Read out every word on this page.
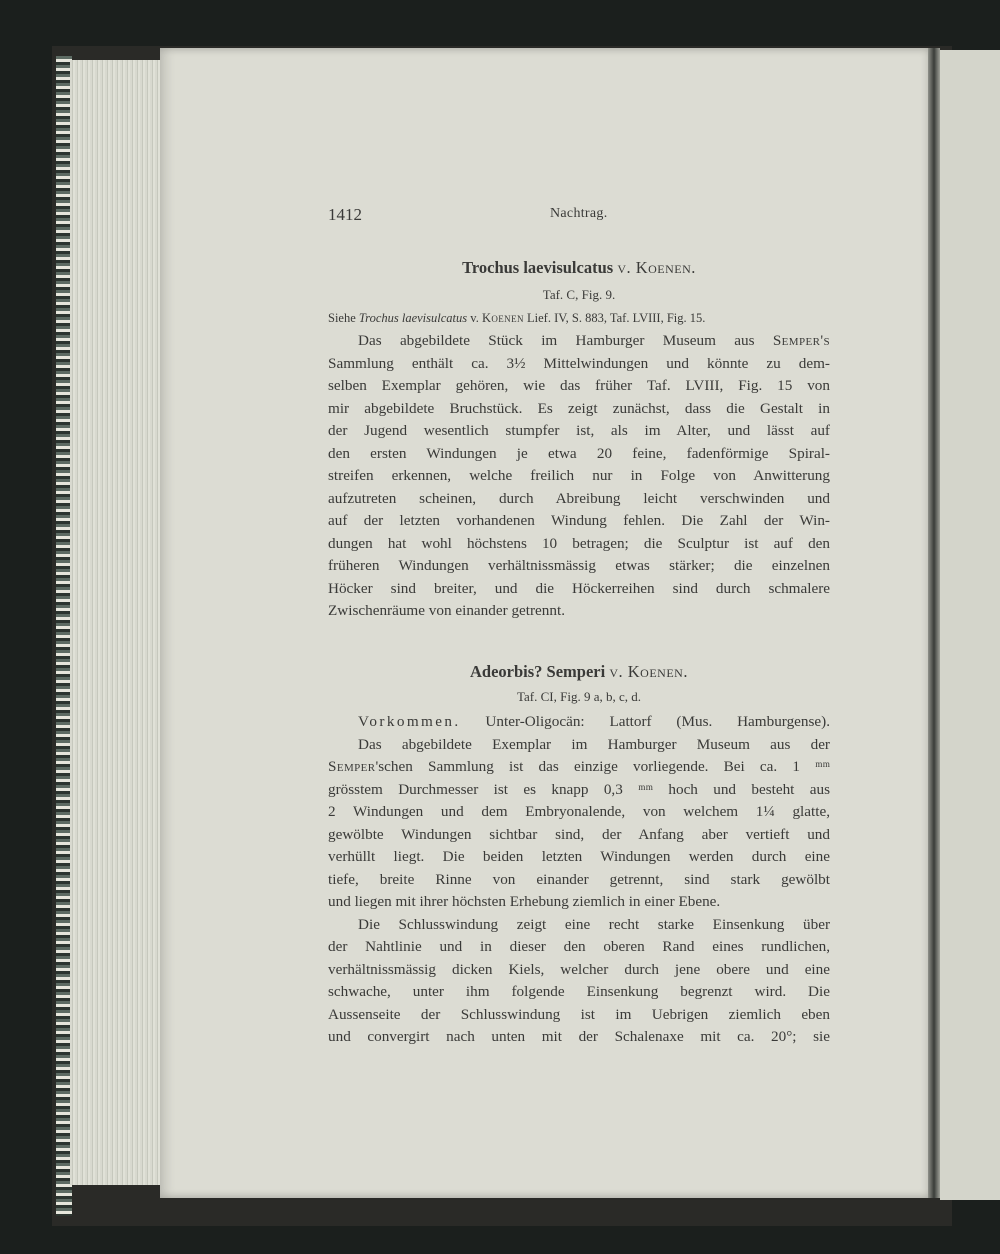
1412	Nachtrag.
Trochus laevisulcatus v. Koenen.
Taf. C, Fig. 9.
Siehe Trochus laevisulcatus v. Koenen Lief. IV, S. 883, Taf. LVIII, Fig. 15.
Das abgebildete Stück im Hamburger Museum aus Semper's
Sammlung enthält ca. 3½ Mittelwindungen und könnte zu dem-
selben Exemplar gehören, wie das früher Taf. LVIII, Fig. 15 von
mir abgebildete Bruchstück. Es zeigt zunächst, dass die Gestalt in
der Jugend wesentlich stumpfer ist, als im Alter, und lässt auf
den ersten Windungen je etwa 20 feine, fadenförmige Spiral-
streifen erkennen, welche freilich nur in Folge von Anwitterung
aufzutreten scheinen, durch Abreibung leicht verschwinden und
auf der letzten vorhandenen Windung fehlen. Die Zahl der Win-
dungen hat wohl höchstens 10 betragen; die Sculptur ist auf den
früheren Windungen verhältnissmässig etwas stärker; die einzelnen
Höcker sind breiter, und die Höckerreihen sind durch schmalere
Zwischenräume von einander getrennt.
Adeorbis? Semperi v. Koenen.
Taf. CI, Fig. 9 a, b, c, d.
Vorkommen. Unter-Oligocän: Lattorf (Mus. Hamburgense).
Das abgebildete Exemplar im Hamburger Museum aus der
Semper'schen Sammlung ist das einzige vorliegende. Bei ca. 1 ᵐᵐ
grösstem Durchmesser ist es knapp 0,3 ᵐᵐ hoch und besteht aus
2 Windungen und dem Embryonalende, von welchem 1¼ glatte,
gewölbte Windungen sichtbar sind, der Anfang aber vertieft und
verhüllt liegt. Die beiden letzten Windungen werden durch eine
tiefe, breite Rinne von einander getrennt, sind stark gewölbt
und liegen mit ihrer höchsten Erhebung ziemlich in einer Ebene.
Die Schlusswindung zeigt eine recht starke Einsenkung über
der Nahtlinie und in dieser den oberen Rand eines rundlichen,
verhältnissmässig dicken Kiels, welcher durch jene obere und eine
schwache, unter ihm folgende Einsenkung begrenzt wird. Die
Aussenseite der Schlusswindung ist im Uebrigen ziemlich eben
und convergirt nach unten mit der Schalenaxe mit ca. 20°; sie
